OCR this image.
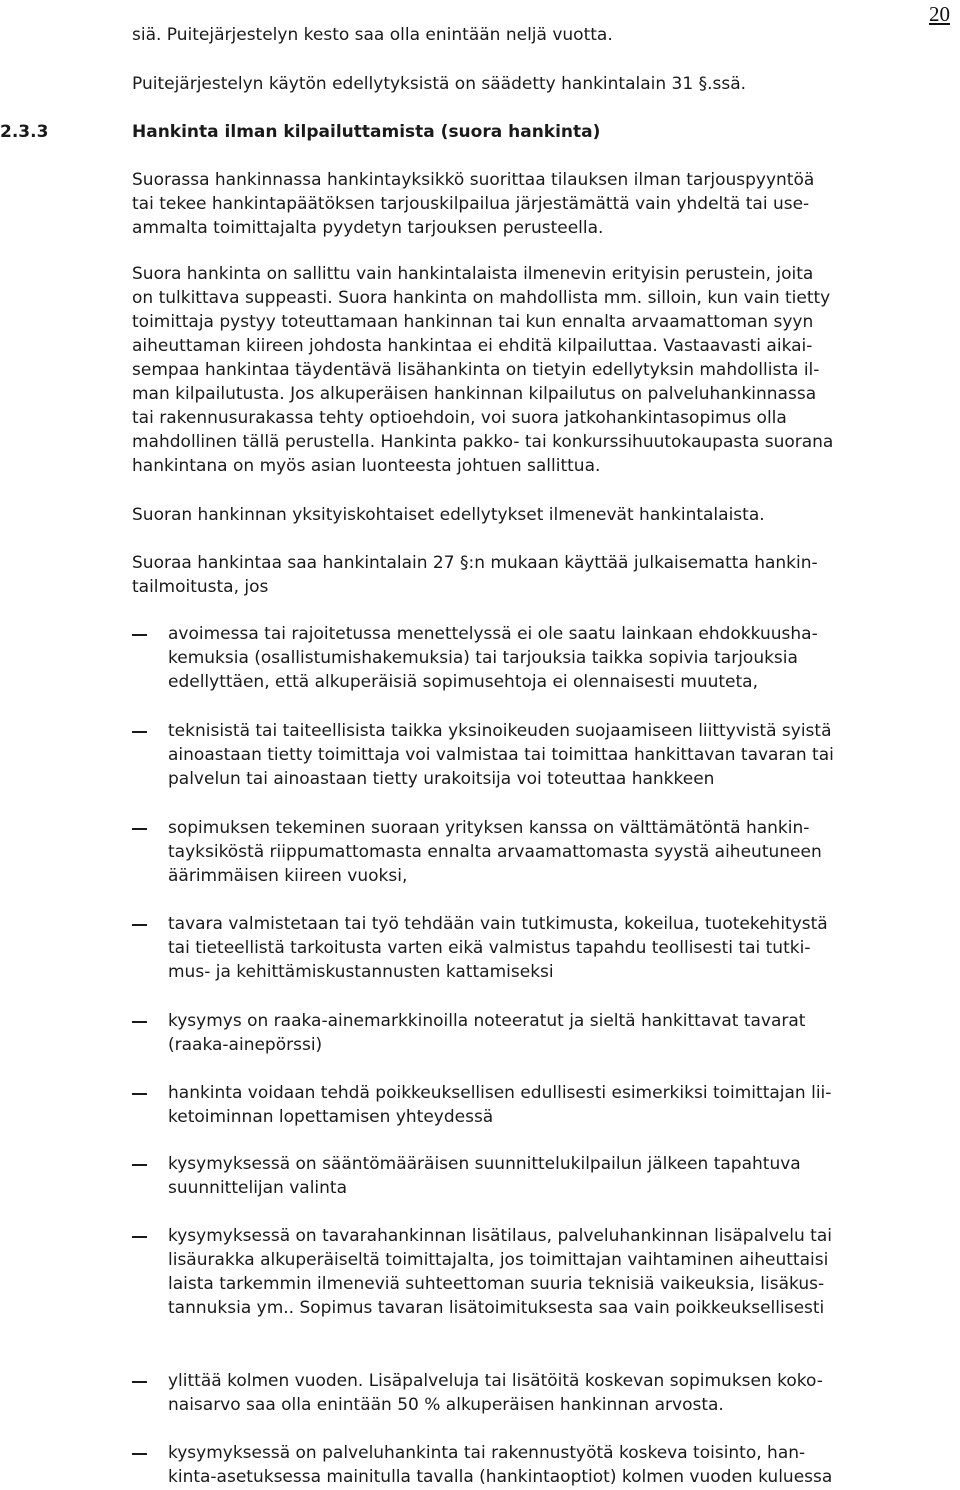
20

siä. Puitejärjestelyn kesto saa olla enintään neljä vuotta.

Puitejärjestelyn käytön edellytyksistä on säädetty hankintalain 31 §.ssä.

2.3.3	Hankinta ilman kilpailuttamista (suora hankinta)

Suorassa hankinnassa hankintayksikkö suorittaa tilauksen ilman tarjouspyyntöä
tai tekee hankintapäätöksen tarjouskilpailua järjestämättä vain yhdeltä tai use-
ammalta toimittajalta pyydetyn tarjouksen perusteella.

Suora hankinta on sallittu vain hankintalaista ilmenevin erityisin perustein, joita
on tulkittava suppeasti. Suora hankinta on mahdollista mm. silloin, kun vain tietty
toimittaja pystyy toteuttamaan hankinnan tai kun ennalta arvaamattoman syyn
aiheuttaman kiireen johdosta hankintaa ei ehditä kilpailuttaa. Vastaavasti aikai-
sempaa hankintaa täydentävä lisähankinta on tietyin edellytyksin mahdollista il-
man kilpailutusta. Jos alkuperäisen hankinnan kilpailutus on palveluhankinnassa
tai rakennusurakassa tehty optioehdoin, voi suora jatkohankintasopimus olla
mahdollinen tällä perustella. Hankinta pakko- tai konkurssihuutokaupasta suorana
hankintana on myös asian luonteesta johtuen sallittua.

Suoran hankinnan yksityiskohtaiset edellytykset ilmenevät hankintalaista.

Suoraa hankintaa saa hankintalain 27 §:n mukaan käyttää julkaisematta hankin-
tailmoitusta, jos

avoimessa tai rajoitetussa menettelyssä ei ole saatu lainkaan ehdokkuusha-
kemuksia (osallistumishakemuksia) tai tarjouksia taikka sopivia tarjouksia
edellyttäen, että alkuperäisiä sopimusehtoja ei olennaisesti muuteta,

teknisistä tai taiteellisista taikka yksinoikeuden suojaamiseen liittyvistä syistä
ainoastaan tietty toimittaja voi valmistaa tai toimittaa hankittavan tavaran tai
palvelun tai ainoastaan tietty urakoitsija voi toteuttaa hankkeen

sopimuksen tekeminen suoraan yrityksen kanssa on välttämätöntä hankin-
tayksiköstä riippumattomasta ennalta arvaamattomasta syystä aiheutuneen
äärimmäisen kiireen vuoksi,

tavara valmistetaan tai työ tehdään vain tutkimusta, kokeilua, tuotekehitystä
tai tieteellistä tarkoitusta varten eikä valmistus tapahdu teollisesti tai tutki-
mus- ja kehittämiskustannusten kattamiseksi

kysymys on raaka-ainemarkkinoilla noteeratut ja sieltä hankittavat tavarat
(raaka-ainepörssi)

hankinta voidaan tehdä poikkeuksellisen edullisesti esimerkiksi toimittajan lii-
ketoiminnan lopettamisen yhteydessä

kysymyksessä on sääntömääräisen suunnittelukilpailun jälkeen tapahtuva
suunnittelijan valinta

kysymyksessä on tavarahankinnan lisätilaus, palveluhankinnan lisäpalvelu tai
lisäurakka alkuperäiseltä toimittajalta, jos toimittajan vaihtaminen aiheuttaisi
laista tarkemmin ilmeneviä suhteettoman suuria teknisiä vaikeuksia, lisäkus-
tannuksia ym.. Sopimus tavaran lisätoimituksesta saa vain poikkeuksellisesti

ylittää kolmen vuoden. Lisäpalveluja tai lisätöitä koskevan sopimuksen koko-
naisarvo saa olla enintään 50 % alkuperäisen hankinnan arvosta.

kysymyksessä on palveluhankinta tai rakennustyötä koskeva toisinto, han-
kinta-asetuksessa mainitulla tavalla (hankintaoptiot) kolmen vuoden kuluessa
